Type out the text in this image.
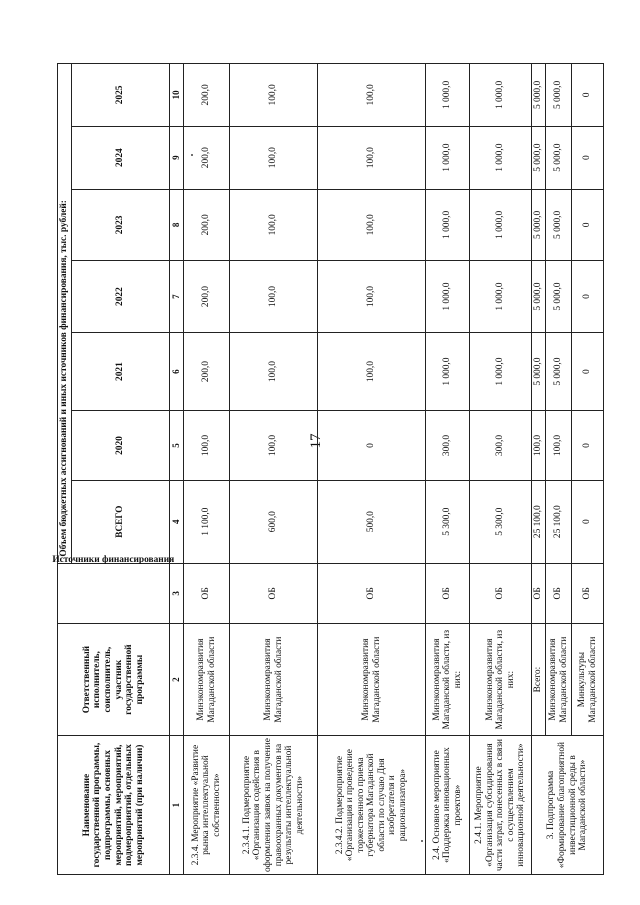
17
Наименование государственной программы, подпрограммы, основных мероприятий, мероприятий, подмероприятий, отдельных мероприятий (при наличии)	Ответственный исполнитель, соисполнитель, участник государственной программы	Источники финансирования	Объем бюджетных ассигнований и иных источников финансирования, тыс. рублей:						
			ВСЕГО	2020	2021	2022	2023	2024	2025
1	2	3	4	5	6	7	8	9	10
2.3.4. Мероприятие «Развитие рынка интеллектуальной собственности»	Минэкономразвития Магаданской области	ОБ	1 100,0	100,0	200,0	200,0	200,0	200,0	200,0
2.3.4.1. Подмероприятие «Организация содействия в оформлении заявок на получение правоохранных документов на результаты интеллектуальной деятельности»	Минэкономразвития Магаданской области	ОБ	600,0	100,0	100,0	100,0	100,0	100,0	100,0
2.3.4.2. Подмероприятие «Организация и проведение торжественного приема губернатора Магаданской области по случаю Дня изобретателя и рационализатора»	Минэкономразвития Магаданской области	ОБ	500,0	0	100,0	100,0	100,0	100,0	100,0
2.4. Основное мероприятие «Поддержка инновационных проектов»	Минэкономразвития Магаданской области, из них:	ОБ	5 300,0	300,0	1 000,0	1 000,0	1 000,0	1 000,0	1 000,0
2.4.1. Мероприятие «Организация субсидирования части затрат, понесенных в связи с осуществлением инновационной деятельности»	Минэкономразвития Магаданской области, из них:	ОБ	5 300,0	300,0	1 000,0	1 000,0	1 000,0	1 000,0	1 000,0
3. Подпрограмма «Формирование благоприятной инвестиционной среды в Магаданской области»	Всего:	ОБ	25 100,0	100,0	5 000,0	5 000,0	5 000,0	5 000,0	5 000,0
	Минэкономразвития Магаданской области	ОБ	25 100,0	100,0	5 000,0	5 000,0	5 000,0	5 000,0	5 000,0
	Минкультуры Магаданской области	ОБ	0	0	0	0	0	0	0
